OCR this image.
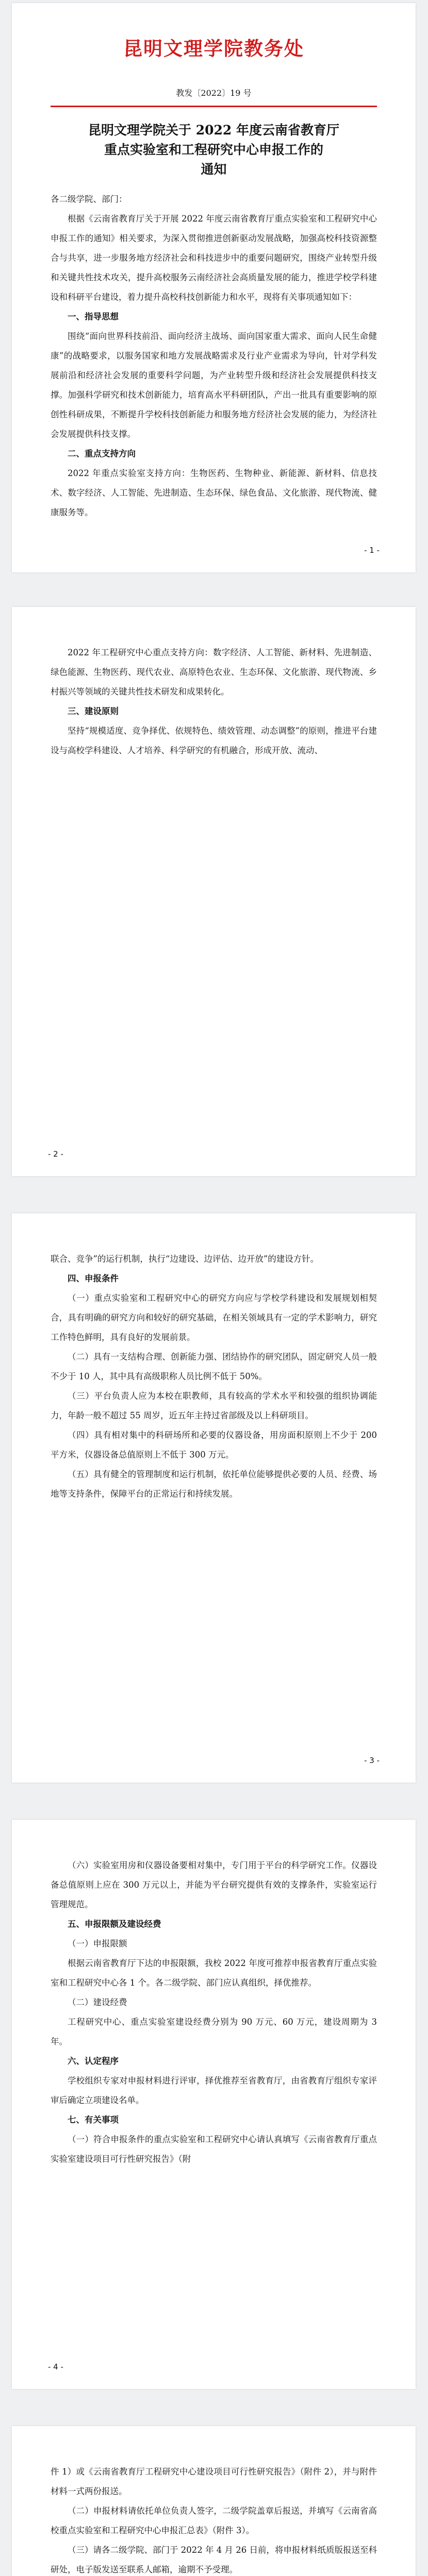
昆明文理学院教务处
教发〔2022〕19 号
昆明文理学院关于 2022 年度云南省教育厅
重点实验室和工程研究中心申报工作的
通知

各二级学院、部门：

根据《云南省教育厅关于开展 2022 年度云南省教育厅重点实验室和工程研究中心申报工作的通知》相关要求，为深入贯彻推进创新驱动发展战略，加强高校科技资源整合与共享，进一步服务地方经济社会和科技进步中的重要问题研究，围绕产业转型升级和关键共性技术攻关，提升高校服务云南经济社会高质量发展的能力，推进学校学科建设和科研平台建设，着力提升高校科技创新能力和水平，现将有关事项通知如下：

一、指导思想

围绕“面向世界科技前沿、面向经济主战场、面向国家重大需求、面向人民生命健康”的战略要求，以服务国家和地方发展战略需求及行业产业需求为导向，针对学科发展前沿和经济社会发展的重要科学问题，为产业转型升级和经济社会发展提供科技支撑。加强科学研究和技术创新能力，培育高水平科研团队，产出一批具有重要影响的原创性科研成果，不断提升学校科技创新能力和服务地方经济社会发展的能力，为经济社会发展提供科技支撑。

二、重点支持方向

2022 年重点实验室支持方向：生物医药、生物种业、新能源、新材料、信息技术、数字经济、人工智能、先进制造、生态环保、绿色食品、文化旅游、现代物流、健康服务等。

- 1 -

2022 年工程研究中心重点支持方向：数字经济、人工智能、新材料、先进制造、绿色能源、生物医药、现代农业、高原特色农业、生态环保、文化旅游、现代物流、乡村振兴等领域的关键共性技术研发和成果转化。

三、建设原则

坚持“规模适度、竞争择优、依规特色、绩效管理、动态调整”的原则，推进平台建设与高校学科建设、人才培养、科学研究的有机融合，形成开放、流动、

- 2 -

联合、竞争”的运行机制，执行“边建设、边评估、边开放”的建设方针。

四、申报条件

（一）重点实验室和工程研究中心的研究方向应与学校学科建设和发展规划相契合，具有明确的研究方向和较好的研究基础，在相关领域具有一定的学术影响力，研究工作特色鲜明，具有良好的发展前景。

（二）具有一支结构合理、创新能力强、团结协作的研究团队，固定研究人员一般不少于 10 人，其中具有高级职称人员比例不低于 50%。

（三）平台负责人应为本校在职教师，具有较高的学术水平和较强的组织协调能力，年龄一般不超过 55 周岁，近五年主持过省部级及以上科研项目。

（四）具有相对集中的科研场所和必要的仪器设备，用房面积原则上不少于 200 平方米，仪器设备总值原则上不低于 300 万元。

（五）具有健全的管理制度和运行机制，依托单位能够提供必要的人员、经费、场地等支持条件，保障平台的正常运行和持续发展。

- 3 -

（六）实验室用房和仪器设备要相对集中，专门用于平台的科学研究工作。仪器设备总值原则上应在 300 万元以上，并能为平台研究提供有效的支撑条件，实验室运行管理规范。

五、申报限额及建设经费

（一）申报限额

根据云南省教育厅下达的申报限额，我校 2022 年度可推荐申报省教育厅重点实验室和工程研究中心各 1 个。各二级学院、部门应认真组织，择优推荐。

（二）建设经费

工程研究中心、重点实验室建设经费分别为 90 万元、60 万元，建设周期为 3 年。

六、认定程序

学校组织专家对申报材料进行评审，择优推荐至省教育厅，由省教育厅组织专家评审后确定立项建设名单。

七、有关事项

（一）符合申报条件的重点实验室和工程研究中心请认真填写《云南省教育厅重点实验室建设项目可行性研究报告》（附

- 4 -

件 1）或《云南省教育厅工程研究中心建设项目可行性研究报告》（附件 2），并与附件材料一式两份报送。

（二）申报材料请依托单位负责人签字，二级学院盖章后报送，并填写《云南省高校重点实验室和工程研究中心申报汇总表》（附件 3）。

（三）请各二级学院、部门于 2022 年 4 月 26 日前，将申报材料纸质版报送至科研处，电子版发送至联系人邮箱，逾期不予受理。
